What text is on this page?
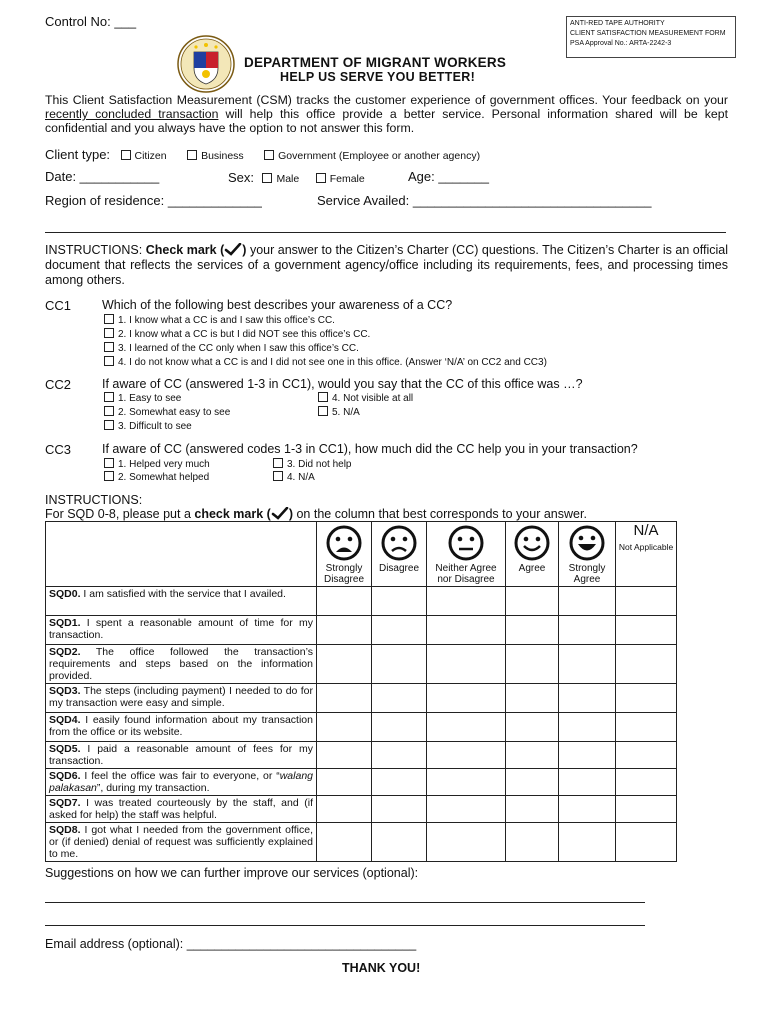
Control No: ___	ANTI-RED TAPE AUTHORITY
CLIENT SATISFACTION MEASUREMENT FORM
PSA Approval No.: ARTA-2242-3
DEPARTMENT OF MIGRANT WORKERS
HELP US SERVE YOU BETTER!
This Client Satisfaction Measurement (CSM) tracks the customer experience of government offices. Your feedback on your recently concluded transaction will help this office provide a better service. Personal information shared will be kept confidential and you always have the option to not answer this form.
Client type: Citizen	Business	Government (Employee or another agency)
Date: ___________	Sex: Male	Female	Age: _______
Region of residence: _____________	Service Availed: _________________________________
INSTRUCTIONS: Check mark ( ) your answer to the Citizen’s Charter (CC) questions. The Citizen’s Charter is an official document that reflects the services of a government agency/office including its requirements, fees, and processing times among others.
CC1 Which of the following best describes your awareness of a CC?
1. I know what a CC is and I saw this office’s CC.
2. I know what a CC is but I did NOT see this office’s CC.
3. I learned of the CC only when I saw this office’s CC.
4. I do not know what a CC is and I did not see one in this office. (Answer ‘N/A’ on CC2 and CC3)
CC2 If aware of CC (answered 1-3 in CC1), would you say that the CC of this office was …?
1. Easy to see
2. Somewhat easy to see
3. Difficult to see
4. Not visible at all
5. N/A
CC3 If aware of CC (answered codes 1-3 in CC1), how much did the CC help you in your transaction?
1. Helped very much
2. Somewhat helped
3. Did not help
4. N/A
INSTRUCTIONS:
For SQD 0-8, please put a check mark ( ) on the column that best corresponds to your answer.

Strongly Disagree	Disagree	Neither Agree nor Disagree	Agree	Strongly Agree	N/A
Not Applicable

SQD0. I am satisfied with the service that I availed.						
SQD1. I spent a reasonable amount of time for my transaction.						
SQD2. The office followed the transaction’s requirements and steps based on the information provided.						
SQD3. The steps (including payment) I needed to do for my transaction were easy and simple.						
SQD4. I easily found information about my transaction from the office or its website.						
SQD5. I paid a reasonable amount of fees for my transaction.						
SQD6. I feel the office was fair to everyone, or “walang palakasan”, during my transaction.						
SQD7. I was treated courteously by the staff, and (if asked for help) the staff was helpful.						
SQD8. I got what I needed from the government office, or (if denied) denial of request was sufficiently explained to me.						
Suggestions on how we can further improve our services (optional):
Email address (optional): _________________________________
THANK YOU!
